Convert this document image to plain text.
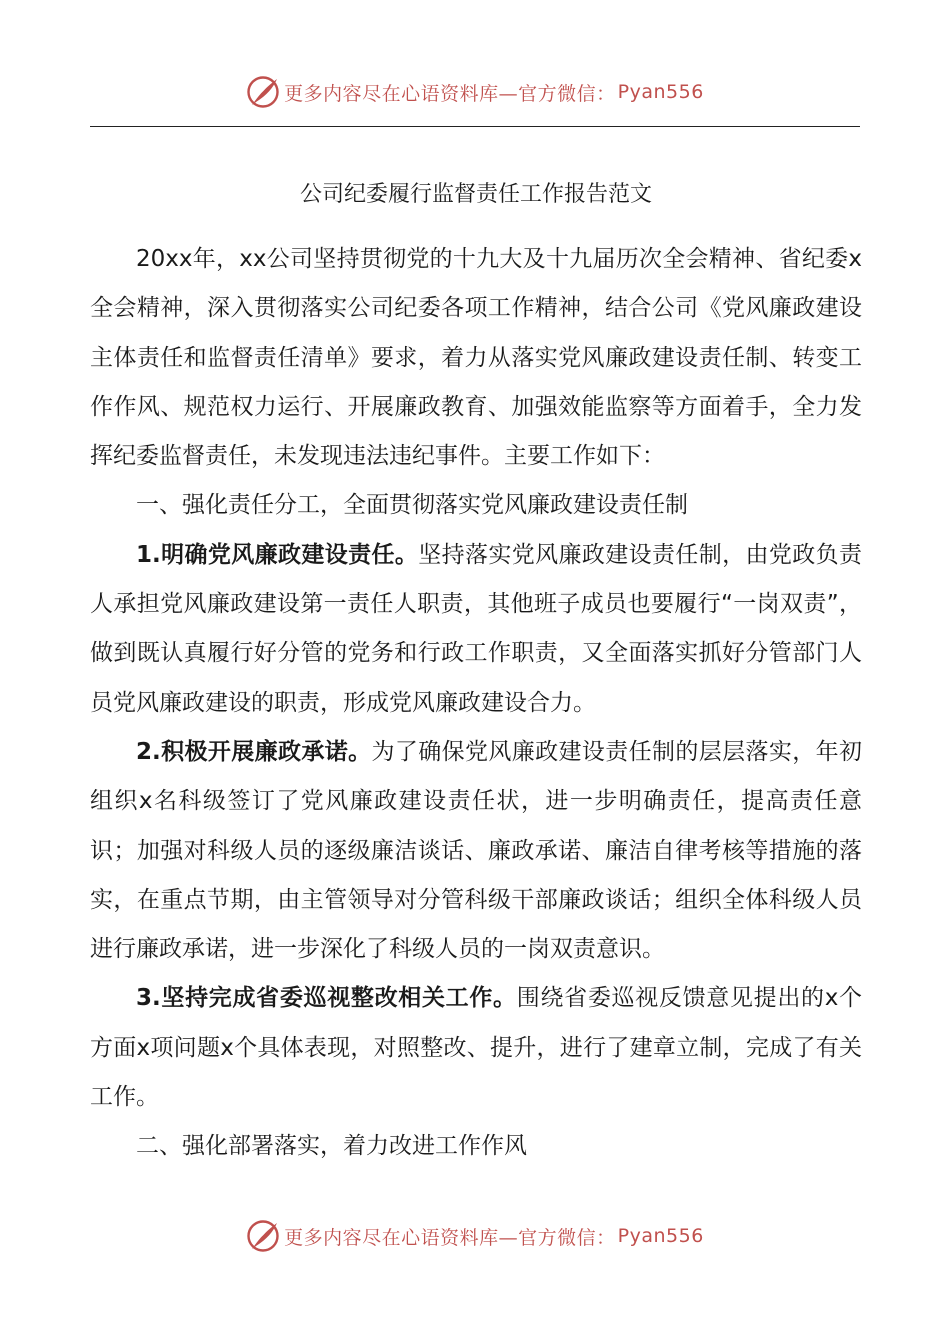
更多内容尽在心语资料库—官方微信： Pyan556
公司纪委履行监督责任工作报告范文

20xx年，xx公司坚持贯彻党的十九大及十九届历次全会精神、省纪委x全会精神，深入贯彻落实公司纪委各项工作精神，结合公司《党风廉政建设主体责任和监督责任清单》要求，着力从落实党风廉政建设责任制、转变工作作风、规范权力运行、开展廉政教育、加强效能监察等方面着手，全力发挥纪委监督责任，未发现违法违纪事件。主要工作如下：

一、强化责任分工，全面贯彻落实党风廉政建设责任制

1.明确党风廉政建设责任。坚持落实党风廉政建设责任制，由党政负责人承担党风廉政建设第一责任人职责，其他班子成员也要履行“一岗双责”，做到既认真履行好分管的党务和行政工作职责，又全面落实抓好分管部门人员党风廉政建设的职责，形成党风廉政建设合力。

2.积极开展廉政承诺。为了确保党风廉政建设责任制的层层落实，年初组织x名科级签订了党风廉政建设责任状，进一步明确责任，提高责任意识；加强对科级人员的逐级廉洁谈话、廉政承诺、廉洁自律考核等措施的落实，在重点节期，由主管领导对分管科级干部廉政谈话；组织全体科级人员进行廉政承诺，进一步深化了科级人员的一岗双责意识。

3.坚持完成省委巡视整改相关工作。围绕省委巡视反馈意见提出的x个方面x项问题x个具体表现，对照整改、提升，进行了建章立制，完成了有关工作。

二、强化部署落实，着力改进工作作风

更多内容尽在心语资料库—官方微信： Pyan556
